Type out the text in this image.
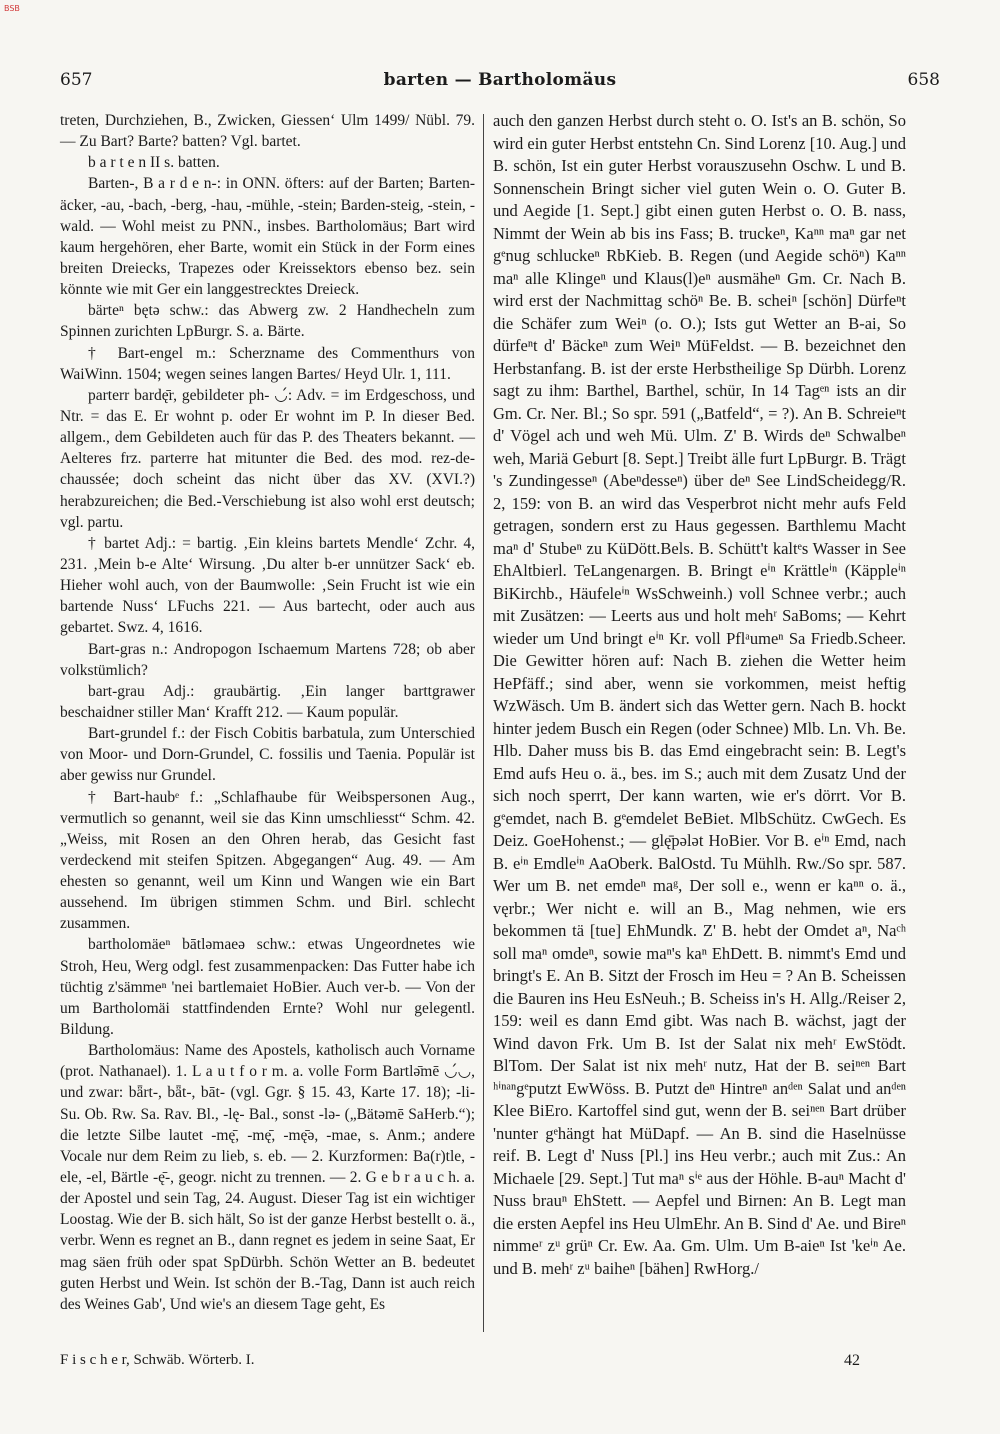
BSB
657	barten — Bartholomäus	658

treten, Durchziehen, B., Zwicken, Giessen‘ Ulm 1499/ Nübl. 79. — Zu Bart? Barte? batten? Vgl. bartet.

b a r t e n II s. batten.

Barten-, B a r d e n-: in ONN. öfters: auf der Barten; Barten-äcker, -au, -bach, -berg, -hau, -mühle, -stein; Barden-steig, -stein, -wald. — Wohl meist zu PNN., insbes. Bartholomäus; Bart wird kaum hergehören, eher Barte, womit ein Stück in der Form eines breiten Dreiecks, Trapezes oder Kreissektors ebenso bez. sein könnte wie mit Ger ein langgestrecktes Dreieck.

bärteⁿ bętə schw.: das Abwerg zw. 2 Handhecheln zum Spinnen zurichten LpBurgr. S. a. Bärte.

† Bart-engel m.: Scherzname des Commenthurs von WaiWinn. 1504; wegen seines langen Bartes/ Heyd Ulr. 1, 111.

parterr bardę̄r, gebildeter ph- ◡́: Adv. = im Erdgeschoss, und Ntr. = das E. Er wohnt p. oder Er wohnt im P. In dieser Bed. allgem., dem Gebildeten auch für das P. des Theaters bekannt. — Aelteres frz. parterre hat mitunter die Bed. des mod. rez-de-chaussée; doch scheint das nicht über das XV. (XVI.?) herabzureichen; die Bed.-Verschiebung ist also wohl erst deutsch; vgl. partu.

† bartet Adj.: = bartig. ‚Ein kleins bartets Mendle‘ Zchr. 4, 231. ‚Mein b-e Alte‘ Wirsung. ‚Du alter b-er unnützer Sack‘ eb. Hieher wohl auch, von der Baumwolle: ‚Sein Frucht ist wie ein bartende Nuss‘ LFuchs 221. — Aus bartecht, oder auch aus gebartet. Swz. 4, 1616.

Bart-gras n.: Andropogon Ischaemum Martens 728; ob aber volkstümlich?

bart-grau Adj.: graubärtig. ‚Ein langer barttgrawer beschaidner stiller Man‘ Krafft 212. — Kaum populär.

Bart-grundel f.: der Fisch Cobitis barbatula, zum Unterschied von Moor- und Dorn-Grundel, C. fossilis und Taenia. Populär ist aber gewiss nur Grundel.

† Bart-haubᵉ f.: „Schlafhaube für Weibspersonen Aug., vermutlich so genannt, weil sie das Kinn umschliesst“ Schm. 42. „Weiss, mit Rosen an den Ohren herab, das Gesicht fast verdeckend mit steifen Spitzen. Abgegangen“ Aug. 49. — Am ehesten so genannt, weil um Kinn und Wangen wie ein Bart aussehend. Im übrigen stimmen Schm. und Birl. schlecht zusammen.

bartholomäeⁿ bātləmaeə schw.: etwas Ungeordnetes wie Stroh, Heu, Werg odgl. fest zusammenpacken: Das Futter habe ich tüchtig z'sämmeⁿ 'nei bartlemaiet HoBier. Auch ver-b. — Von der um Bartholomäi stattfindenden Ernte? Wohl nur gelegentl. Bildung.

Bartholomäus: Name des Apostels, katholisch auch Vorname (prot. Nathanael). 1. L a u t f o r m. a. volle Form Bartlǝ̄mē ◡́◡, und zwar: bǟrt-, bǟt-, bāt- (vgl. Ggr. § 15. 43, Karte 17. 18); -li- Su. Ob. Rw. Sa. Rav. Bl., -lę- Bal., sonst -lə- („Bätəmē SaHerb.“); die letzte Silbe lautet -mę̄, -mę̄, -mę̄ə, -mae, s. Anm.; andere Vocale nur dem Reim zu lieb, s. eb. — 2. Kurzformen: Ba(r)tle, -ele, -el, Bärtle -ę̄-, geogr. nicht zu trennen. — 2. G e b r a u c h. a. der Apostel und sein Tag, 24. August. Dieser Tag ist ein wichtiger Loostag. Wie der B. sich hält, So ist der ganze Herbst bestellt o. ä., verbr. Wenn es regnet an B., dann regnet es jedem in seine Saat, Er mag säen früh oder spat SpDürbh. Schön Wetter an B. bedeutet guten Herbst und Wein. Ist schön der B.-Tag, Dann ist auch reich des Weines Gab', Und wie's an diesem Tage geht, Es

auch den ganzen Herbst durch steht o. O. Ist's an B. schön, So wird ein guter Herbst entstehn Cn. Sind Lorenz [10. Aug.] und B. schön, Ist ein guter Herbst vorauszusehn Oschw. L und B. Sonnenschein Bringt sicher viel guten Wein o. O. Guter B. und Aegide [1. Sept.] gibt einen guten Herbst o. O. B. nass, Nimmt der Wein ab bis ins Fass; B. truckeⁿ, Kaⁿⁿ maⁿ gar net gᵉnug schluckeⁿ RbKieb. B. Regen (und Aegide schöⁿ) Kaⁿⁿ maⁿ alle Klingeⁿ und Klaus(l)eⁿ ausmäheⁿ Gm. Cr. Nach B. wird erst der Nachmittag schöⁿ Be. B. scheiⁿ [schön] Dürfeⁿt die Schäfer zum Weiⁿ (o. O.); Ists gut Wetter an B-ai, So dürfeⁿt d' Bäckeⁿ zum Weiⁿ MüFeldst. — B. bezeichnet den Herbstanfang. B. ist der erste Herbstheilige Sp Dürbh. Lorenz sagt zu ihm: Barthel, Barthel, schür, In 14 Tagᵉⁿ ists an dir Gm. Cr. Ner. Bl.; So spr. 591 („Batfeld“, = ?). An B. Schreieⁿt d' Vögel ach und weh Mü. Ulm. Z' B. Wirds deⁿ Schwalbeⁿ weh, Mariä Geburt [8. Sept.] Treibt älle furt LpBurgr. B. Trägt 's Zundingesseⁿ (Abeⁿdesseⁿ) über deⁿ See LindScheidegg/R. 2, 159: von B. an wird das Vesperbrot nicht mehr aufs Feld getragen, sondern erst zu Haus gegessen. Barthlemu Macht maⁿ d' Stubeⁿ zu KüDött.Bels. B. Schütt't kaltᵉs Wasser in See EhAltbierl. TeLangenargen. B. Bringt eⁱⁿ Krättleⁱⁿ (Käppleⁱⁿ BiKirchb., Häufeleⁱⁿ WsSchweinh.) voll Schnee verbr.; auch mit Zusätzen: — Leerts aus und holt mehʳ SaBoms; — Kehrt wieder um Und bringt eⁱⁿ Kr. voll Pflᵃumeⁿ Sa Friedb.Scheer. Die Gewitter hören auf: Nach B. ziehen die Wetter heim HePfäff.; sind aber, wenn sie vorkommen, meist heftig WzWäsch. Um B. ändert sich das Wetter gern. Nach B. hockt hinter jedem Busch ein Regen (oder Schnee) Mlb. Ln. Vh. Be. Hlb. Daher muss bis B. das Emd eingebracht sein: B. Legt's Emd aufs Heu o. ä., bes. im S.; auch mit dem Zusatz Und der sich noch sperrt, Der kann warten, wie er's dörrt. Vor B. gᵉemdet, nach B. gᵉemdelet BeBiet. MlbSchütz. CwGech. Es Deiz. GoeHohenst.; — glę̄pəlǝt HoBier. Vor B. eⁱⁿ Emd, nach B. eⁱⁿ Emdleⁱⁿ AaOberk. BalOstd. Tu Mühlh. Rw./So spr. 587. Wer um B. net emdeⁿ maᵍ, Der soll e., wenn er kaⁿⁿ o. ä., vęrbr.; Wer nicht e. will an B., Mag nehmen, wie ers bekommen tä [tue] EhMundk. Z' B. hebt der Omdet aⁿ, Naᶜʰ soll maⁿ omdeⁿ, sowie maⁿ's kaⁿ EhDett. B. nimmt's Emd und bringt's E. An B. Sitzt der Frosch im Heu = ? An B. Scheissen die Bauren ins Heu EsNeuh.; B. Scheiss in's H. Allg./Reiser 2, 159: weil es dann Emd gibt. Was nach B. wächst, jagt der Wind davon Frk. Um B. Ist der Salat nix mehʳ EwStödt. BlTom. Der Salat ist nix mehʳ nutz, Hat der B. seiⁿᵉⁿ Bart ʰⁱⁿᵃⁿgᵉputzt EwWöss. B. Putzt deⁿ Hintreⁿ anᵈᵉⁿ Salat und anᵈᵉⁿ Klee BiEro. Kartoffel sind gut, wenn der B. seiⁿᵉⁿ Bart drüber 'nunter gᵉhängt hat MüDapf. — An B. sind die Haselnüsse reif. B. Legt d' Nuss [Pl.] ins Heu verbr.; auch mit Zus.: An Michaele [29. Sept.] Tut maⁿ sⁱᵉ aus der Höhle. B-auⁿ Macht d' Nuss brauⁿ EhStett. — Aepfel und Birnen: An B. Legt man die ersten Aepfel ins Heu UlmEhr. An B. Sind d' Ae. und Bireⁿ nimmeʳ zᵘ grüⁿ Cr. Ew. Aa. Gm. Ulm. Um B-aieⁿ Ist 'keⁱⁿ Ae. und B. mehʳ zᵘ baiheⁿ [bähen] RwHorg./

F i s c h e r, Schwäb. Wörterb. I.	42
